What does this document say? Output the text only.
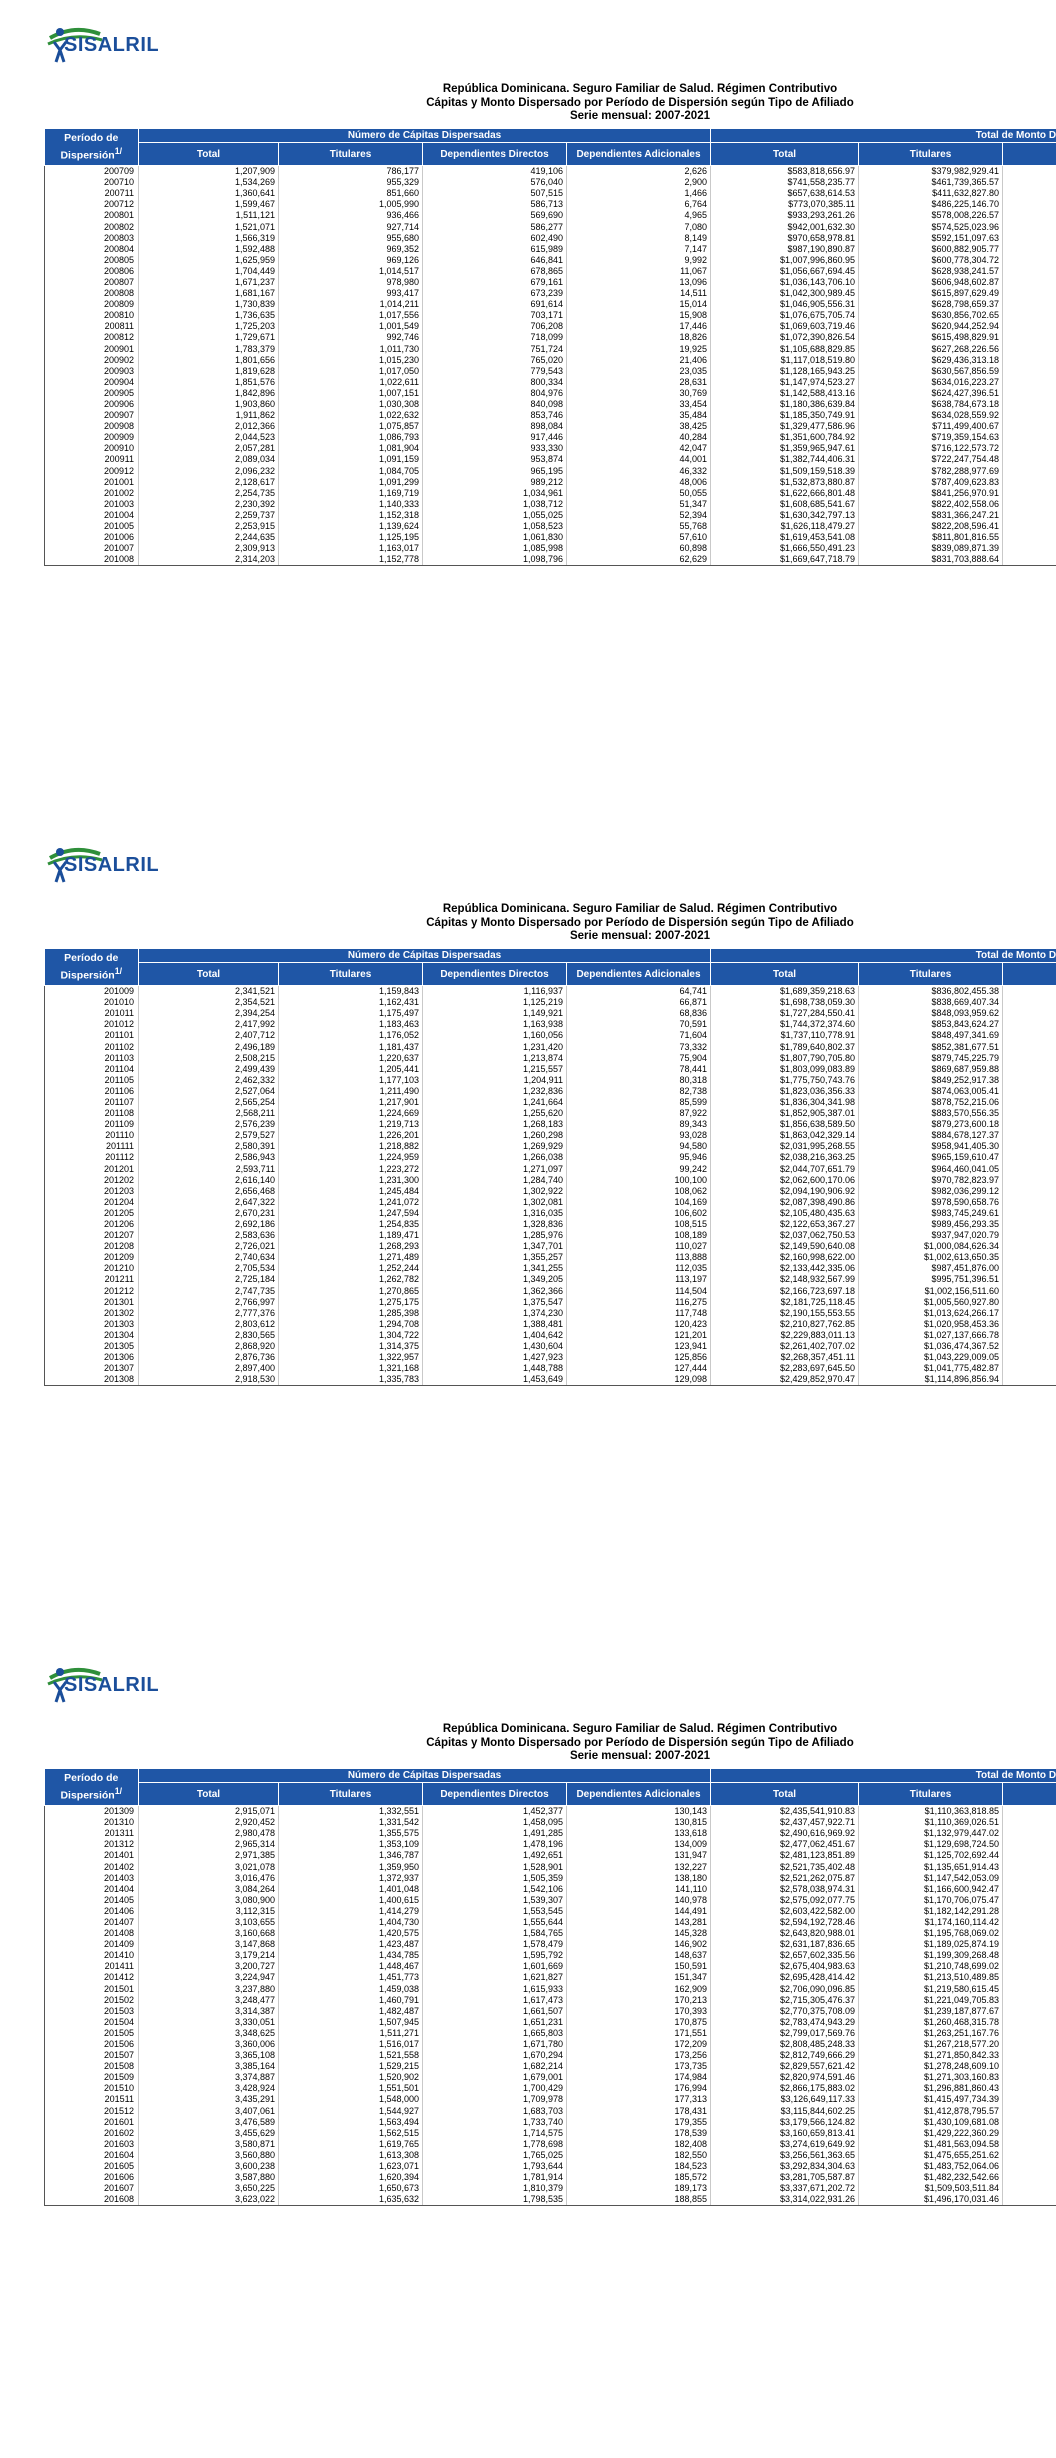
SISALRIL
República Dominicana. Seguro Familiar de Salud. Régimen Contributivo
Cápitas y Monto Dispersado por Período de Dispersión según Tipo de Afiliado
Serie mensual: 2007-2021
Período de Dispersión$^{1/}$	Número de Cápitas Dispersadas				Total de Monto D		
	Total	Titulares	Dependientes Directos	Dependientes Adicionales	Total	Titulares	
200709	1,207,909	786,177	419,106	2,626	$583,818,656.97	$379,982,929.41	
200710	1,534,269	955,329	576,040	2,900	$741,558,235.77	$461,739,365.57	
200711	1,360,641	851,660	507,515	1,466	$657,638,614.53	$411,632,827.80	
200712	1,599,467	1,005,990	586,713	6,764	$773,070,385.11	$486,225,146.70	
200801	1,511,121	936,466	569,690	4,965	$933,293,261.26	$578,008,226.57	
200802	1,521,071	927,714	586,277	7,080	$942,001,632.30	$574,525,023.96	
200803	1,566,319	955,680	602,490	8,149	$970,658,978.81	$592,151,097.63	
200804	1,592,488	969,352	615,989	7,147	$987,190,890.87	$600,882,905.77	
200805	1,625,959	969,126	646,841	9,992	$1,007,996,860.95	$600,778,304.72	
200806	1,704,449	1,014,517	678,865	11,067	$1,056,667,694.45	$628,938,241.57	
200807	1,671,237	978,980	679,161	13,096	$1,036,143,706.10	$606,948,602.87	
200808	1,681,167	993,417	673,239	14,511	$1,042,300,989.45	$615,897,629.49	
200809	1,730,839	1,014,211	691,614	15,014	$1,046,905,556.31	$628,798,659.37	
200810	1,736,635	1,017,556	703,171	15,908	$1,076,675,705.74	$630,856,702.65	
200811	1,725,203	1,001,549	706,208	17,446	$1,069,603,719.46	$620,944,252.94	
200812	1,729,671	992,746	718,099	18,826	$1,072,390,826.54	$615,498,829.91	
200901	1,783,379	1,011,730	751,724	19,925	$1,105,688,829.85	$627,268,226.56	
200902	1,801,656	1,015,230	765,020	21,406	$1,117,018,519.80	$629,436,313.18	
200903	1,819,628	1,017,050	779,543	23,035	$1,128,165,943.25	$630,567,856.59	
200904	1,851,576	1,022,611	800,334	28,631	$1,147,974,523.27	$634,016,223.27	
200905	1,842,896	1,007,151	804,976	30,769	$1,142,588,413.16	$624,427,396.51	
200906	1,903,860	1,030,308	840,098	33,454	$1,180,386,639.84	$638,784,673.18	
200907	1,911,862	1,022,632	853,746	35,484	$1,185,350,749.91	$634,028,559.92	
200908	2,012,366	1,075,857	898,084	38,425	$1,329,477,586.96	$711,499,400.67	
200909	2,044,523	1,086,793	917,446	40,284	$1,351,600,784.92	$719,359,154.63	
200910	2,057,281	1,081,904	933,330	42,047	$1,359,965,947.61	$716,122,573.72	
200911	2,089,034	1,091,159	953,874	44,001	$1,382,744,406.31	$722,247,754.48	
200912	2,096,232	1,084,705	965,195	46,332	$1,509,159,518.39	$782,288,977.69	
201001	2,128,617	1,091,299	989,212	48,006	$1,532,873,880.87	$787,409,623.83	
201002	2,254,735	1,169,719	1,034,961	50,055	$1,622,666,801.48	$841,256,970.91	
201003	2,230,392	1,140,333	1,038,712	51,347	$1,608,685,541.67	$822,402,558.06	
201004	2,259,737	1,152,318	1,055,025	52,394	$1,630,342,797.13	$831,366,247.21	
201005	2,253,915	1,139,624	1,058,523	55,768	$1,626,118,479.27	$822,208,596.41	
201006	2,244,635	1,125,195	1,061,830	57,610	$1,619,453,541.08	$811,801,816.55	
201007	2,309,913	1,163,017	1,085,998	60,898	$1,666,550,491.23	$839,089,871.39	
201008	2,314,203	1,152,778	1,098,796	62,629	$1,669,647,718.79	$831,703,888.64	
SISALRIL
República Dominicana. Seguro Familiar de Salud. Régimen Contributivo
Cápitas y Monto Dispersado por Período de Dispersión según Tipo de Afiliado
Serie mensual: 2007-2021
Período de Dispersión$^{1/}$	Número de Cápitas Dispersadas				Total de Monto D		
	Total	Titulares	Dependientes Directos	Dependientes Adicionales	Total	Titulares	
201009	2,341,521	1,159,843	1,116,937	64,741	$1,689,359,218.63	$836,802,455.38	
201010	2,354,521	1,162,431	1,125,219	66,871	$1,698,738,059.30	$838,669,407.34	
201011	2,394,254	1,175,497	1,149,921	68,836	$1,727,284,550.41	$848,093,959.62	
201012	2,417,992	1,183,463	1,163,938	70,591	$1,744,372,374.60	$853,843,624.27	
201101	2,407,712	1,176,052	1,160,056	71,604	$1,737,110,778.91	$848,497,341.69	
201102	2,496,189	1,181,437	1,231,420	73,332	$1,789,640,802.37	$852,381,677.51	
201103	2,508,215	1,220,637	1,213,874	75,904	$1,807,790,705.80	$879,745,225.79	
201104	2,499,439	1,205,441	1,215,557	78,441	$1,803,099,083.89	$869,687,959.88	
201105	2,462,332	1,177,103	1,204,911	80,318	$1,775,750,743.76	$849,252,917.38	
201106	2,527,064	1,211,490	1,232,836	82,738	$1,823,036,356.33	$874,063,005.41	
201107	2,565,254	1,217,901	1,241,664	85,599	$1,836,304,341.98	$878,752,215.06	
201108	2,568,211	1,224,669	1,255,620	87,922	$1,852,905,387.01	$883,570,556.35	
201109	2,576,239	1,219,713	1,268,183	89,343	$1,856,638,589.50	$879,273,600.18	
201110	2,579,527	1,226,201	1,260,298	93,028	$1,863,042,329.14	$884,678,127.37	
201111	2,580,391	1,218,882	1,269,929	94,580	$2,031,995,268.55	$958,941,405.30	
201112	2,586,943	1,224,959	1,266,038	95,946	$2,038,216,363.25	$965,159,610.47	
201201	2,593,711	1,223,272	1,271,097	99,242	$2,044,707,651.79	$964,460,041.05	
201202	2,616,140	1,231,300	1,284,740	100,100	$2,062,600,170.06	$970,782,823.97	
201203	2,656,468	1,245,484	1,302,922	108,062	$2,094,190,906.92	$982,036,299.12	
201204	2,647,322	1,241,072	1,302,081	104,169	$2,087,398,490.86	$978,590,658.76	
201205	2,670,231	1,247,594	1,316,035	106,602	$2,105,480,435.63	$983,745,249.61	
201206	2,692,186	1,254,835	1,328,836	108,515	$2,122,653,367.27	$989,456,293.35	
201207	2,583,636	1,189,471	1,285,976	108,189	$2,037,062,750.53	$937,947,020.79	
201208	2,726,021	1,268,293	1,347,701	110,027	$2,149,590,640.08	$1,000,084,626.34	
201209	2,740,634	1,271,489	1,355,257	113,888	$2,160,998,622.00	$1,002,613,650.35	
201210	2,705,534	1,252,244	1,341,255	112,035	$2,133,442,335.06	$987,451,876.00	
201211	2,725,184	1,262,782	1,349,205	113,197	$2,148,932,567.99	$995,751,396.51	
201212	2,747,735	1,270,865	1,362,366	114,504	$2,166,723,697.18	$1,002,156,511.60	
201301	2,766,997	1,275,175	1,375,547	116,275	$2,181,725,118.45	$1,005,560,927.80	
201302	2,777,376	1,285,398	1,374,230	117,748	$2,190,155,553.55	$1,013,624,266.17	
201303	2,803,612	1,294,708	1,388,481	120,423	$2,210,827,762.85	$1,020,958,453.36	
201304	2,830,565	1,304,722	1,404,642	121,201	$2,229,883,011.13	$1,027,137,666.78	
201305	2,868,920	1,314,375	1,430,604	123,941	$2,261,402,707.02	$1,036,474,367.52	
201306	2,876,736	1,322,957	1,427,923	125,856	$2,268,357,451.11	$1,043,229,009.05	
201307	2,897,400	1,321,168	1,448,788	127,444	$2,283,697,645.50	$1,041,775,482.87	
201308	2,918,530	1,335,783	1,453,649	129,098	$2,429,852,970.47	$1,114,896,856.94	
SISALRIL
República Dominicana. Seguro Familiar de Salud. Régimen Contributivo
Cápitas y Monto Dispersado por Período de Dispersión según Tipo de Afiliado
Serie mensual: 2007-2021
Período de Dispersión$^{1/}$	Número de Cápitas Dispersadas				Total de Monto D		
	Total	Titulares	Dependientes Directos	Dependientes Adicionales	Total	Titulares	
201309	2,915,071	1,332,551	1,452,377	130,143	$2,435,541,910.83	$1,110,363,818.85	
201310	2,920,452	1,331,542	1,458,095	130,815	$2,437,457,922.71	$1,110,369,026.51	
201311	2,980,478	1,355,575	1,491,285	133,618	$2,490,616,969.92	$1,132,979,447.02	
201312	2,965,314	1,353,109	1,478,196	134,009	$2,477,062,451.67	$1,129,698,724.50	
201401	2,971,385	1,346,787	1,492,651	131,947	$2,481,123,851.89	$1,125,702,692.44	
201402	3,021,078	1,359,950	1,528,901	132,227	$2,521,735,402.48	$1,135,651,914.43	
201403	3,016,476	1,372,937	1,505,359	138,180	$2,521,262,075.87	$1,147,542,053.09	
201404	3,084,264	1,401,048	1,542,106	141,110	$2,578,038,974.31	$1,166,600,942.47	
201405	3,080,900	1,400,615	1,539,307	140,978	$2,575,092,077.75	$1,170,706,075.47	
201406	3,112,315	1,414,279	1,553,545	144,491	$2,603,422,582.00	$1,182,142,291.28	
201407	3,103,655	1,404,730	1,555,644	143,281	$2,594,192,728.46	$1,174,160,114.42	
201408	3,160,668	1,420,575	1,584,765	145,328	$2,643,820,988.01	$1,195,768,069.02	
201409	3,147,868	1,423,487	1,578,479	146,902	$2,631,187,836.65	$1,189,025,874.19	
201410	3,179,214	1,434,785	1,595,792	148,637	$2,657,602,335.56	$1,199,309,268.48	
201411	3,200,727	1,448,467	1,601,669	150,591	$2,675,404,983.63	$1,210,748,699.02	
201412	3,224,947	1,451,773	1,621,827	151,347	$2,695,428,414.42	$1,213,510,489.85	
201501	3,237,880	1,459,038	1,615,933	162,909	$2,706,090,096.85	$1,219,580,615.45	
201502	3,248,477	1,460,791	1,617,473	170,213	$2,715,305,476.37	$1,221,049,705.83	
201503	3,314,387	1,482,487	1,661,507	170,393	$2,770,375,708.09	$1,239,187,877.67	
201504	3,330,051	1,507,945	1,651,231	170,875	$2,783,474,943.29	$1,260,468,315.78	
201505	3,348,625	1,511,271	1,665,803	171,551	$2,799,017,569.76	$1,263,251,167.76	
201506	3,360,006	1,516,017	1,671,780	172,209	$2,808,485,248.33	$1,267,218,577.20	
201507	3,365,108	1,521,558	1,670,294	173,256	$2,812,749,666.29	$1,271,850,842.33	
201508	3,385,164	1,529,215	1,682,214	173,735	$2,829,557,621.42	$1,278,248,609.10	
201509	3,374,887	1,520,902	1,679,001	174,984	$2,820,974,591.46	$1,271,303,160.83	
201510	3,428,924	1,551,501	1,700,429	176,994	$2,866,175,883.02	$1,296,881,860.43	
201511	3,435,291	1,548,000	1,709,978	177,313	$3,126,649,117.33	$1,415,497,734.39	
201512	3,407,061	1,544,927	1,683,703	178,431	$3,115,844,602.25	$1,412,878,795.57	
201601	3,476,589	1,563,494	1,733,740	179,355	$3,179,566,124.82	$1,430,109,681.08	
201602	3,455,629	1,562,515	1,714,575	178,539	$3,160,659,813.41	$1,429,222,360.29	
201603	3,580,871	1,619,765	1,778,698	182,408	$3,274,619,649.92	$1,481,563,094.58	
201604	3,560,880	1,613,308	1,765,025	182,550	$3,256,561,363.65	$1,475,655,251.62	
201605	3,600,238	1,623,071	1,793,644	184,523	$3,292,834,304.63	$1,483,752,064.06	
201606	3,587,880	1,620,394	1,781,914	185,572	$3,281,705,587.87	$1,482,232,542.66	
201607	3,650,225	1,650,673	1,810,379	189,173	$3,337,671,202.72	$1,509,503,511.84	
201608	3,623,022	1,635,632	1,798,535	188,855	$3,314,022,931.26	$1,496,170,031.46	
